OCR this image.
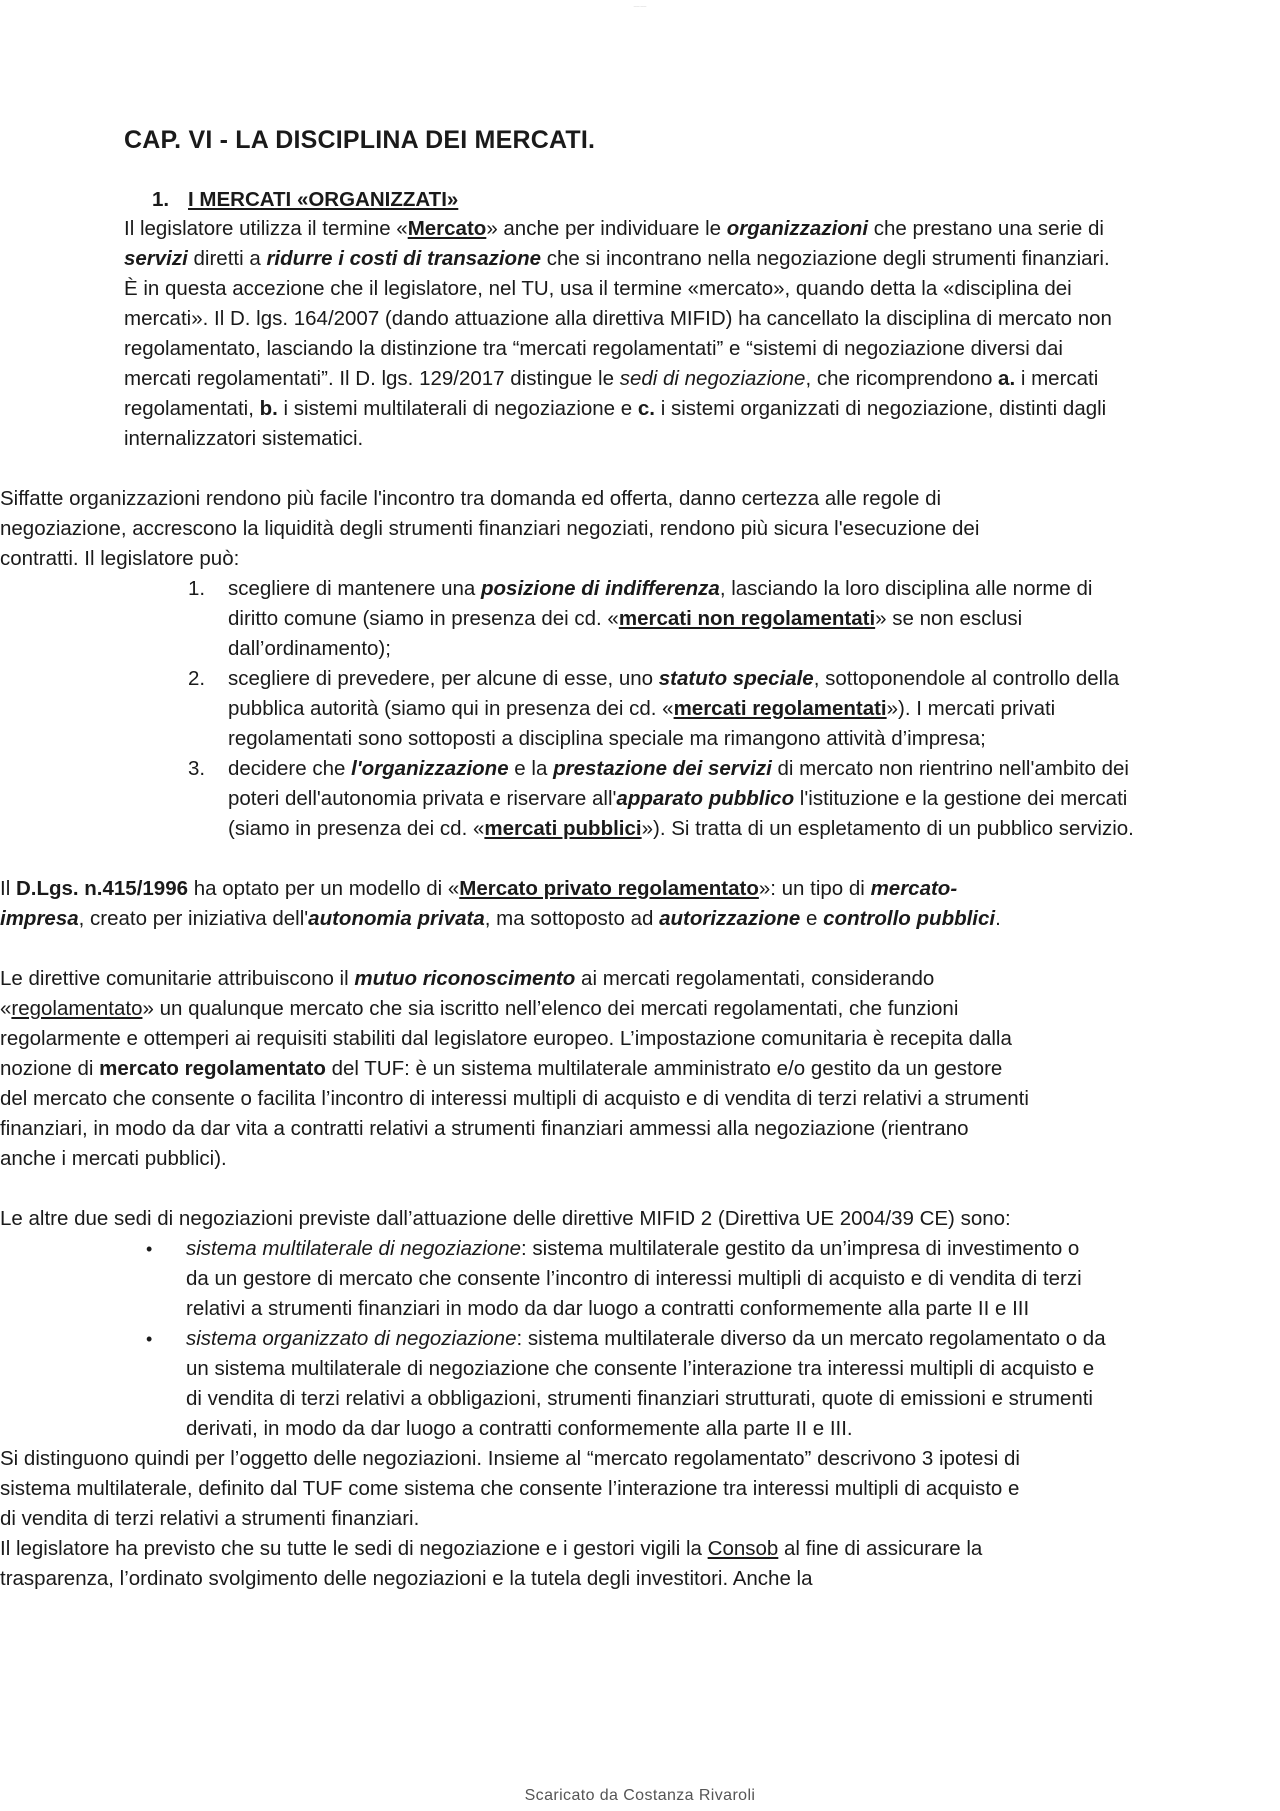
—— ——
CAP. VI - LA DISCIPLINA DEI MERCATI.
1. I MERCATI «ORGANIZZATI»

Il legislatore utilizza il termine «Mercato» anche per individuare le organizzazioni che prestano una serie di servizi diretti a ridurre i costi di transazione che si incontrano nella negoziazione degli strumenti finanziari. È in questa accezione che il legislatore, nel TU, usa il termine «mercato», quando detta la «disciplina dei mercati». Il D. lgs. 164/2007 (dando attuazione alla direttiva MIFID) ha cancellato la disciplina di mercato non regolamentato, lasciando la distinzione tra “mercati regolamentati” e “sistemi di negoziazione diversi dai mercati regolamentati”. Il D. lgs. 129/2017 distingue le sedi di negoziazione, che ricomprendono a. i mercati regolamentati, b. i sistemi multilaterali di negoziazione e c. i sistemi organizzati di negoziazione, distinti dagli internalizzatori sistematici.

Siffatte organizzazioni rendono più facile l'incontro tra domanda ed offerta, danno certezza alle regole di negoziazione, accrescono la liquidità degli strumenti finanziari negoziati, rendono più sicura l'esecuzione dei contratti. Il legislatore può:

1. scegliere di mantenere una posizione di indifferenza, lasciando la loro disciplina alle norme di diritto comune (siamo in presenza dei cd. «mercati non regolamentati» se non esclusi dall’ordinamento);
2. scegliere di prevedere, per alcune di esse, uno statuto speciale, sottoponendole al controllo della pubblica autorità (siamo qui in presenza dei cd. «mercati regolamentati»). I mercati privati regolamentati sono sottoposti a disciplina speciale ma rimangono attività d’impresa;
3. decidere che l'organizzazione e la prestazione dei servizi di mercato non rientrino nell'ambito dei poteri dell'autonomia privata e riservare all'apparato pubblico l'istituzione e la gestione dei mercati (siamo in presenza dei cd. «mercati pubblici»). Si tratta di un espletamento di un pubblico servizio.

Il D.Lgs. n.415/1996 ha optato per un modello di «Mercato privato regolamentato»: un tipo di mercato-impresa, creato per iniziativa dell'autonomia privata, ma sottoposto ad autorizzazione e controllo pubblici.

Le direttive comunitarie attribuiscono il mutuo riconoscimento ai mercati regolamentati, considerando «regolamentato» un qualunque mercato che sia iscritto nell’elenco dei mercati regolamentati, che funzioni regolarmente e ottemperi ai requisiti stabiliti dal legislatore europeo. L’impostazione comunitaria è recepita dalla nozione di mercato regolamentato del TUF: è un sistema multilaterale amministrato e/o gestito da un gestore del mercato che consente o facilita l’incontro di interessi multipli di acquisto e di vendita di terzi relativi a strumenti finanziari, in modo da dar vita a contratti relativi a strumenti finanziari ammessi alla negoziazione (rientrano anche i mercati pubblici).

Le altre due sedi di negoziazioni previste dall’attuazione delle direttive MIFID 2 (Direttiva UE 2004/39 CE) sono:

• sistema multilaterale di negoziazione: sistema multilaterale gestito da un’impresa di investimento o da un gestore di mercato che consente l’incontro di interessi multipli di acquisto e di vendita di terzi relativi a strumenti finanziari in modo da dar luogo a contratti conformemente alla parte II e III
• sistema organizzato di negoziazione: sistema multilaterale diverso da un mercato regolamentato o da un sistema multilaterale di negoziazione che consente l’interazione tra interessi multipli di acquisto e di vendita di terzi relativi a obbligazioni, strumenti finanziari strutturati, quote di emissioni e strumenti derivati, in modo da dar luogo a contratti conformemente alla parte II e III.

Si distinguono quindi per l’oggetto delle negoziazioni. Insieme al “mercato regolamentato” descrivono 3 ipotesi di sistema multilaterale, definito dal TUF come sistema che consente l’interazione tra interessi multipli di acquisto e di vendita di terzi relativi a strumenti finanziari.

Il legislatore ha previsto che su tutte le sedi di negoziazione e i gestori vigili la Consob al fine di assicurare la trasparenza, l’ordinato svolgimento delle negoziazioni e la tutela degli investitori. Anche la

Scaricato da Costanza Rivaroli
